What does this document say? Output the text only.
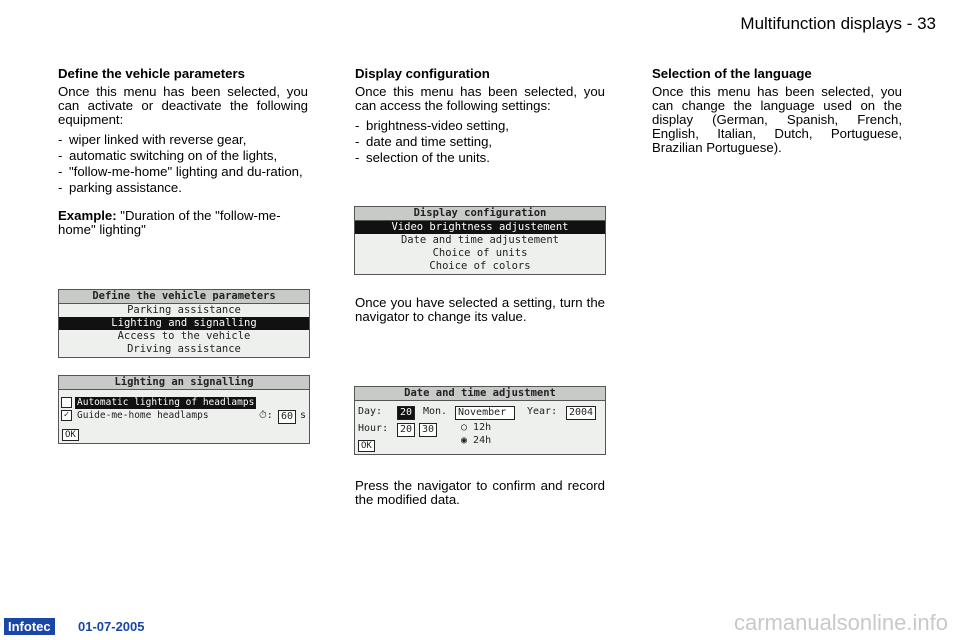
Multifunction displays - 33
Define the vehicle parameters

Once this menu has been selected, you can activate or deactivate the following equipment:

- wiper linked with reverse gear,
- automatic switching on of the lights,
- "follow-me-home" lighting and du-ration,
- parking assistance.

Example: "Duration of the "follow-me-home" lighting"

Display configuration

Once this menu has been selected, you can access the following settings:

- brightness-video setting,
- date and time setting,
- selection of the units.
Once you have selected a setting, turn the navigator to change its value.
Press the navigator to confirm and record the modified data.
Selection of the language

Once this menu has been selected, you can change the language used on the display (German, Spanish, French, English, Italian, Dutch, Portuguese, Brazilian Portuguese).

Define the vehicle parameters
Parking assistance
Lighting and signalling
Access to the vehicle
Driving assistance
Lighting an signalling
Automatic lighting of headlamps
✓ Guide-me-home headlamps	⏱: 60 s
OK
Display configuration
Video brightness adjustement
Date and time adjustement
Choice of units
Choice of colors
Date and time adjustment
Day:	20	Mon.	November	Year:	2004
Hour:	20 30	○ 12h
◉ 24h
OK
Infotec	01-07-2005	carmanualsonline.info
